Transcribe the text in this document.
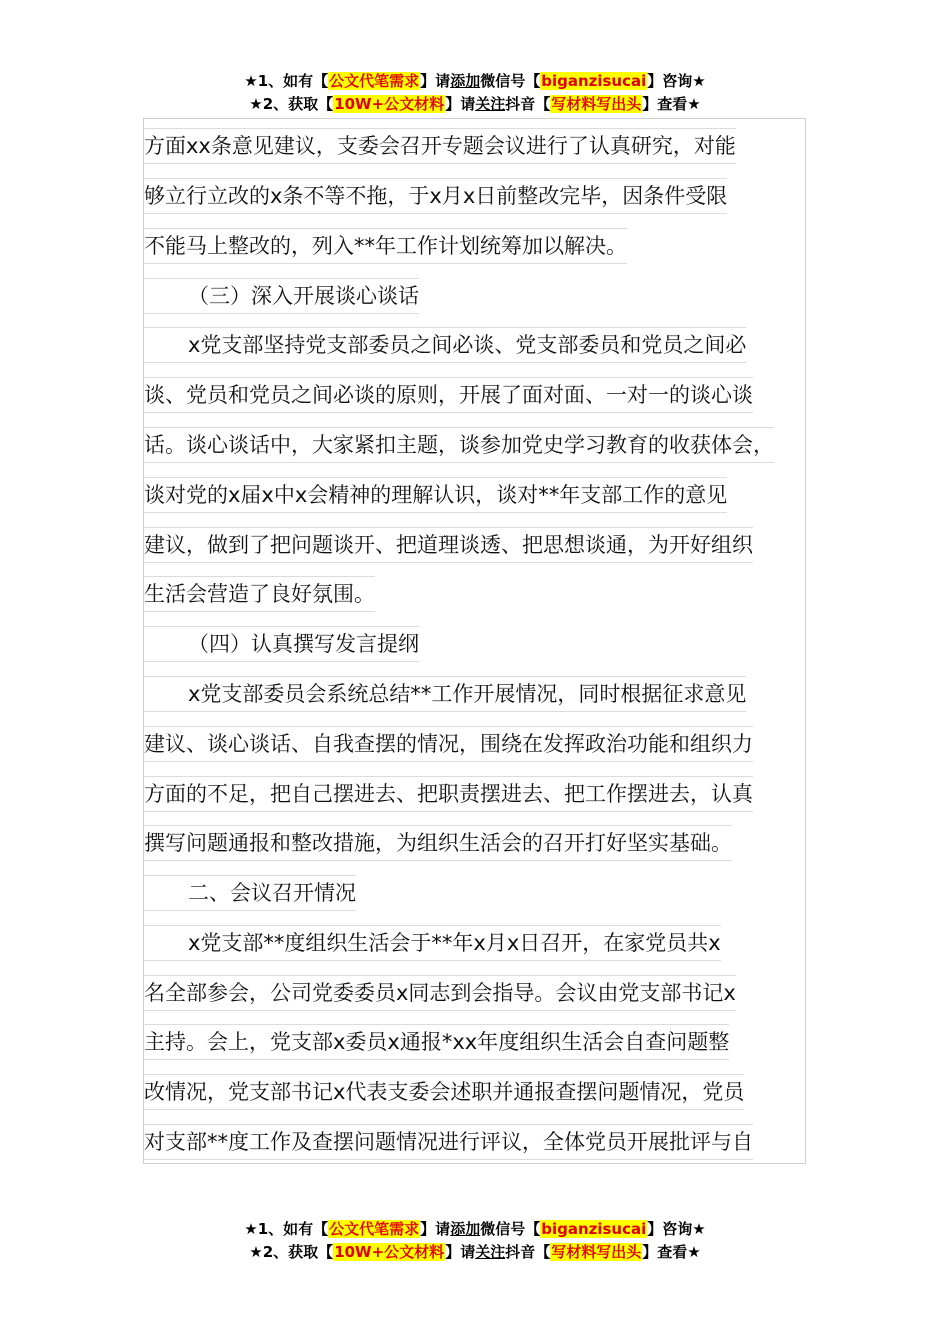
★1、如有【公文代笔需求】请添加微信号【biganzisucai】咨询★
★2、获取【10W+公文材料】请关注抖音【写材料写出头】查看★
方面xx条意见建议，支委会召开专题会议进行了认真研究，对能
够立行立改的x条不等不拖，于x月x日前整改完毕，因条件受限
不能马上整改的，列入**年工作计划统筹加以解决。
（三）深入开展谈心谈话
x党支部坚持党支部委员之间必谈、党支部委员和党员之间必
谈、党员和党员之间必谈的原则，开展了面对面、一对一的谈心谈
话。谈心谈话中，大家紧扣主题，谈参加党史学习教育的收获体会，
谈对党的x届x中x会精神的理解认识，谈对**年支部工作的意见
建议，做到了把问题谈开、把道理谈透、把思想谈通，为开好组织
生活会营造了良好氛围。
（四）认真撰写发言提纲
x党支部委员会系统总结**工作开展情况，同时根据征求意见
建议、谈心谈话、自我查摆的情况，围绕在发挥政治功能和组织力
方面的不足，把自己摆进去、把职责摆进去、把工作摆进去，认真
撰写问题通报和整改措施，为组织生活会的召开打好坚实基础。
二、会议召开情况
x党支部**度组织生活会于**年x月x日召开，在家党员共x
名全部参会，公司党委委员x同志到会指导。会议由党支部书记x
主持。会上，党支部x委员x通报*xx年度组织生活会自查问题整
改情况，党支部书记x代表支委会述职并通报查摆问题情况，党员
对支部**度工作及查摆问题情况进行评议，全体党员开展批评与自
★1、如有【公文代笔需求】请添加微信号【biganzisucai】咨询★
★2、获取【10W+公文材料】请关注抖音【写材料写出头】查看★
